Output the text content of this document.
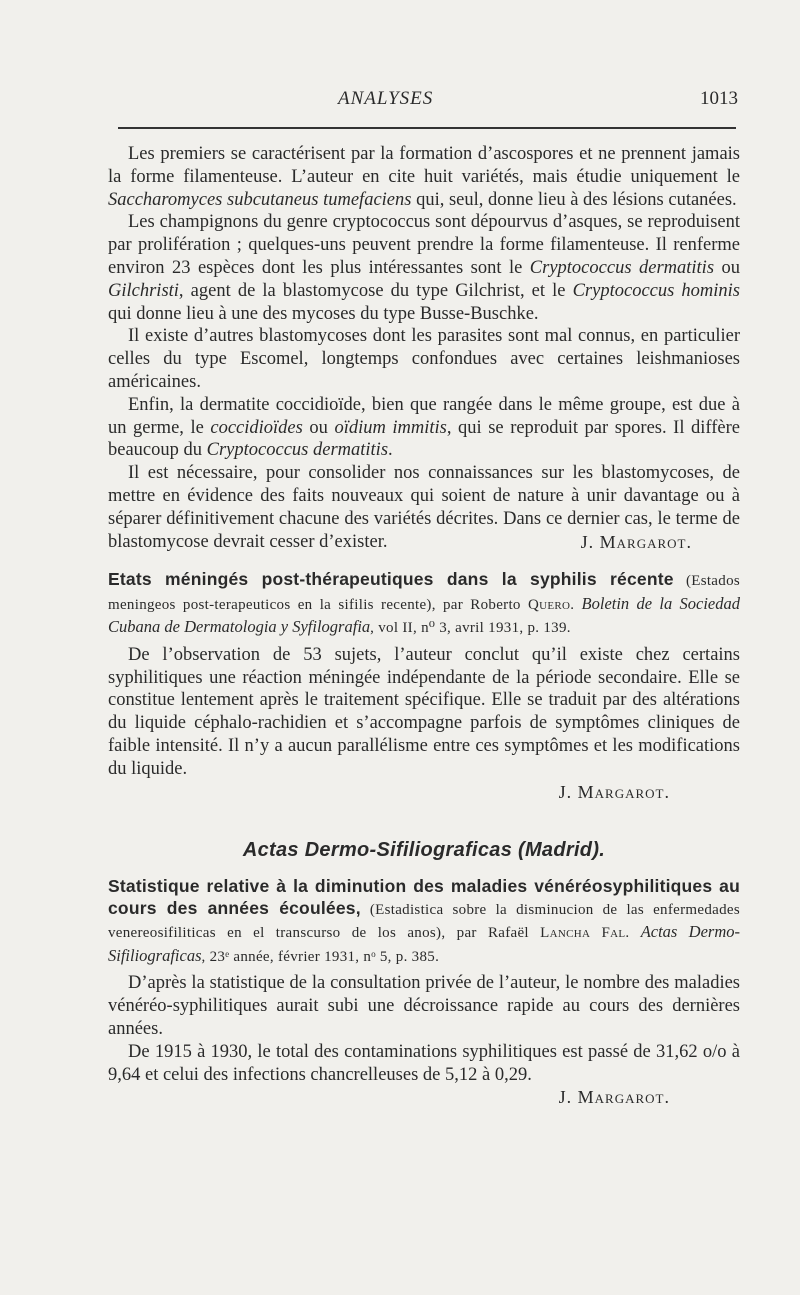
ANALYSES	1013

Les premiers se caractérisent par la formation d’ascospores et ne prennent jamais la forme filamenteuse. L’auteur en cite huit variétés, mais étudie uniquement le Saccharomyces subcutaneus tumefaciens qui, seul, donne lieu à des lésions cutanées.

Les champignons du genre cryptococcus sont dépourvus d’asques, se reproduisent par prolifération ; quelques-uns peuvent prendre la forme filamenteuse. Il renferme environ 23 espèces dont les plus intéressantes sont le Cryptococcus dermatitis ou Gilchristi, agent de la blastomycose du type Gilchrist, et le Cryptococcus hominis qui donne lieu à une des mycoses du type Busse-Buschke.

Il existe d’autres blastomycoses dont les parasites sont mal connus, en particulier celles du type Escomel, longtemps confondues avec certaines leishmanioses américaines.

Enfin, la dermatite coccidioïde, bien que rangée dans le même groupe, est due à un germe, le coccidioïdes ou oïdium immitis, qui se reproduit par spores. Il diffère beaucoup du Cryptococcus dermatitis.

Il est nécessaire, pour consolider nos connaissances sur les blastomycoses, de mettre en évidence des faits nouveaux qui soient de nature à unir davantage ou à séparer définitivement chacune des variétés décrites. Dans ce dernier cas, le terme de blastomycose devrait cesser d’exister.	J. Margarot.

Etats méningés post-thérapeutiques dans la syphilis récente (Estados meningeos post-terapeuticos en la sifilis recente), par Roberto Quero. Boletin de la Sociedad Cubana de Dermatologia y Syfilografia, vol II, n⁰ 3, avril 1931, p. 139.

De l’observation de 53 sujets, l’auteur conclut qu’il existe chez certains syphilitiques une réaction méningée indépendante de la période secondaire. Elle se constitue lentement après le traitement spécifique. Elle se traduit par des altérations du liquide céphalo-rachidien et s’accompagne parfois de symptômes cliniques de faible intensité. Il n’y a aucun parallélisme entre ces symptômes et les modifications du liquide.

J. Margarot.

Actas Dermo-Sifiliograficas (Madrid).
Statistique relative à la diminution des maladies vénéréosyphilitiques au cours des années écoulées, (Estadistica sobre la disminucion de las enfermedades venereosifiliticas en el transcurso de los anos), par Rafaël Lancha Fal. Actas Dermo-Sifiliograficas, 23ᵉ année, février 1931, nᵒ 5, p. 385.

D’après la statistique de la consultation privée de l’auteur, le nombre des maladies vénéréo-syphilitiques aurait subi une décroissance rapide au cours des dernières années.

De 1915 à 1930, le total des contaminations syphilitiques est passé de 31,62 o/o à 9,64 et celui des infections chancrelleuses de 5,12 à 0,29.

J. Margarot.
